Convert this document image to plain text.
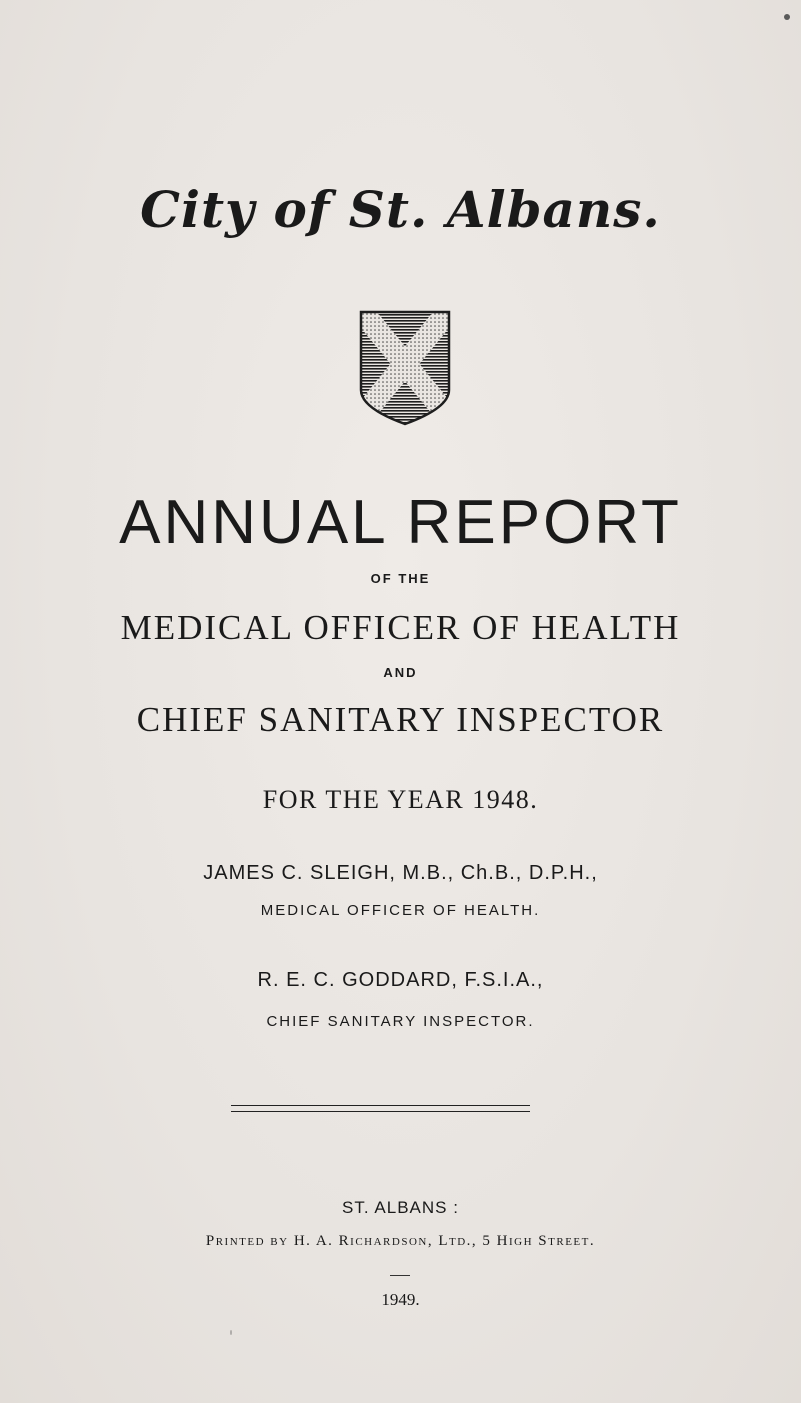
City of St. Albans.
ANNUAL REPORT
OF THE
MEDICAL OFFICER OF HEALTH
AND
CHIEF SANITARY INSPECTOR
FOR THE YEAR 1948.
JAMES C. SLEIGH, M.B., Ch.B., D.P.H.,
MEDICAL OFFICER OF HEALTH.
R. E. C. GODDARD, F.S.I.A.,
CHIEF SANITARY INSPECTOR.
ST. ALBANS :
Printed by H. A. Richardson, Ltd., 5 High Street.
1949.
